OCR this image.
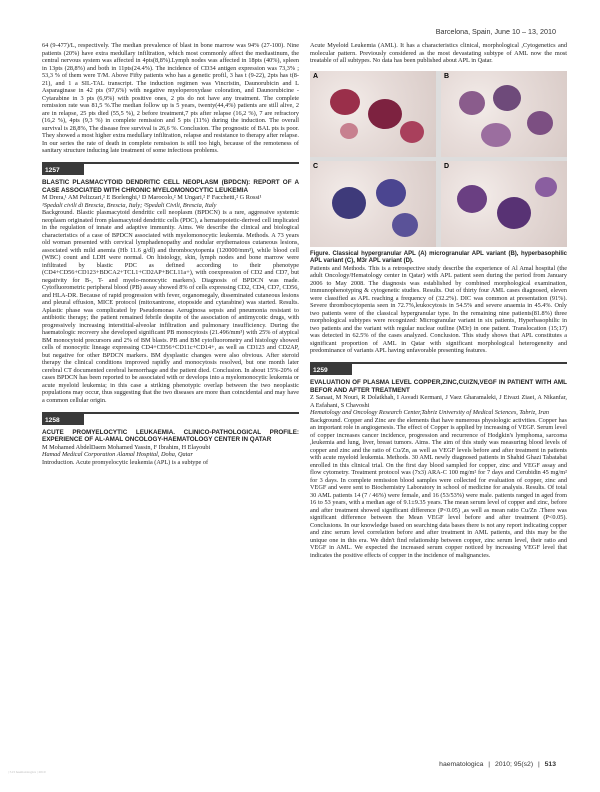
Barcelona, Spain, June 10 – 13, 2010

64 (9-477)/L, respectively. The median prevalence of blast in bone marrow was 94% (27-100). Nine patients (20%) have extra medullary infiltration, which most commonly affect the mediastinum, the central nervous system was affected in 4pts(8,8%).Lymph nodes was affected in 18pts (40%), spleen in 13pts (28,8%) and both in 11pts(24.4%). The incidence of CD34 antigen expression was 73,3% ; 53,3 % of them were T/M. Above Fifty patients who has a genetic profil, 3 has t (9-22), 2pts has t(8-21), and 1 a SIL-TAL transcript. The induction regimen was Vincristin, Daunorubicin and L Asparaginase in 42 pts (97,6%) with negative myeloperoxydase coloration, and Daunorubicine - Cytarabine in 3 pts (6,9%) with positive ones, 2 pts do not have any treatment. The complete remission rate was 81,5 %.The median follow up is 5 years, twenty(44,4%) patients are still alive, 2 are in relapse, 25 pts died (55,5 %), 2 before treatment,7 pts after relapse (16,2 %), 7 are refractory (16,2 %), 4pts (9,3 %) in complete remission and 5 pts (11%) during the induction. The overall survival is 28,8%, The disease free survival is 26,6 %. Conclusion. The prognostic of BAL pts is poor. They showed a most higher extra medullary infiltration, relapse and resistance to therapy after relapse. In our series the rate of death in complete remission is still too high, because of the remoteness of sanitary structure inducing late treatment of some infectious problems.

1257

BLASTIC PLASMACYTOID DENDRITIC CELL NEOPLASM (BPDCN): REPORT OF A CASE ASSOCIATED WITH CHRONIC MYELOMONOCYTIC LEUKEMIA

M Drera,¹ AM Pelizzari,² E Borlenghi,¹ D Marocolo,² M Ungari,² F Facchetti,² G Rossi¹

¹Spedali civili di Brescia, Brescia, Italy; ²Spedali Civili, Brescia, Italy

Background. Blastic plasmacytoid dendritic cell neoplasm (BPDCN) is a rare, aggressive systemic neoplasm originated from plasmacytoid dendritic cells (PDC), a hematopoietic-derived cell implicated in the regulation of innate and adaptive immunity. Aims. We describe the clinical and biological characteristics of a case of BPDCN associated with myelomonocytic leukemia. Methods. A 73 years old woman presented with cervical lymphadenopathy and nodular erythematous cutaneous lesions, associated with mild anemia (Hb 11.6 g/dl) and thrombocytopenia (120000/mm³), while blood cell (WBC) count and LDH were normal. On histology, skin, lymph nodes and bone marrow were infiltrated by blastic PDC as defined according to their phenotype (CD4+CD56+CD123+BDCA2+TCL1+CD2AP+BCL11a+), with coexpression of CD2 and CD7, but negativity for B-, T- and myelo-monocytic markers). Diagnosis of BPDCN was made. Cytofluorometric peripheral blood (PB) assay showed 8% of cells expressing CD2, CD4, CD7, CD56, and HLA-DR. Because of rapid progression with fever, organomegaly, disseminated cutaneous lesions and pleural effusion, MICE protocol (mitoxantrone, etoposide and cytarabine) was started. Results. Aplastic phase was complicated by Pseudomonas Aeruginosa sepsis and pneumonia resistant to antibiotic therapy; the patient remained febrile despite of the association of antimycotic drugs, with progressively increasing interstitial-alveolar infiltration and pulmonary insufficiency. During the haematologic recovery she developed significant PB monocytosis (21.496/mm³) with 25% of atypical BM monocytoid precursors and 2% of BM blasts. PB and BM cytofluorometry and histology showed cells of monocytic lineage expressing CD4+CD56+CD11c+CD14+, as well as CD123 and CD2AP, but negative for other BPDCN markers. BM dysplastic changes were also obvious. After steroid therapy the clinical conditions improved rapidly and monocytosis resolved, but one month later cerebral CT documented cerebral hemorrhage and the patient died. Conclusion. In about 15%-20% of cases BPDCN has been reported to be associated with or develops into a myelomonocytic leukemia or acute myeloid leukemia; in this case a striking phenotypic overlap between the two neoplastic populations may occur, thus suggesting that the two diseases are more than coincidental and may have a common cellular origin.

1258

ACUTE PROMYELOCYTIC LEUKAEMIA. CLINICO-PATHOLOGICAL PROFILE: EXPERIENCE OF AL-AMAL ONCOLOGY-HAEMATOLOGY CENTER IN QATAR

M Mohamed AbdelDaem Mohamed Yassin, F Ibrahim, H Elayoubi

Hamad Medical Corporation Alamal Hospital, Doha, Qatar

Introduction. Acute promyelocytic leukemia (APL) is a subtype of

Acute Myeloid Leukemia (AML). It has a characteristics clinical, morphological ,Cytogenetics and molecular pattern. Previously considered as the most devastating subtype of AML now the most treatable of all subtypes. No data has been published about APL in Qatar.

A	B
C	D

Figure. Classical hypergranular APL (A) microgranular APL variant (B), hyperbasophilic APL variant (C), M3r APL variant (D).

Patients and Methods. This is a retrospective study describe the experience of Al Amal hospital (the adult Oncology/Hematology center in Qatar) with APL patient seen during the period from January 2006 to May 2008. The diagnosis was established by combined morphological examination, immunophenotyping & cytogenetic studies. Results. Out of thirty four AML cases diagnosed, eleven were classified as APL reaching a frequency of (32.2%). DIC was common at presentation (91%). Severe thrombocytopenia seen in 72.7%,leukocytosis in 54.5% and severe anaemia in 45.4%. Only two patients were of the classical hypergranular type. In the remaining nine patients(81.8%) three morphological subtypes were recognized: Microgranular variant in six patients, Hyperbasophilic in two patients and the variant with regular nuclear outline (M3r) in one patient. Translocation (15;17) was detected in 62.5% of the cases analyzed. Conclusion. This study shows that APL constitutes a significant proportion of AML in Qatar with significant morphological heterogeneity and predominance of variants APL having unfavorable presenting features.

1259

EVALUATION OF PLASMA LEVEL COPPER,ZINC,CU/ZN,VEGF IN PATIENT WITH AML BEFOR AND AFTER TREATMENT

Z Sanaat, M Nouri, R Dolatkhah, I Asvadi Kermani, J Vaez Gharamaleki, J Eivazi Ziaei, A Nikanfar, A Esfahani, S Chavoshi

Hematology and Oncology Research Center,Tabriz University of Medical Sciences, Tabriz, Iran

Background. Copper and Zinc are the elements that have numerous physiologic activities. Copper has an important role in angiogenesis. The effect of Copper is applied by increasing of VEGF. Serum level of copper increases cancer incidence, progression and recurrence of Hodgkin's lymphoma, sarcoma ,leukemia and lung, liver, breast tumors. Aims. The aim of this study was measuring blood levels of copper and zinc and the ratio of Cu/Zn, as well as VEGF levels before and after treatment in patients with acute myeloid leukemia. Methods. 30 AML newly diagnosed patients in Shahid Ghazi Tabatabai enrolled in this clinical trial. On the first day blood sampled for copper, zinc and VEGF assay and flow cytometry. Treatment protocol was (7x3) ARA-C 100 mg/m² for 7 days and Cerubidin 45 mg/m² for 3 days. In complete remission blood samples were collected for evaluation of copper, zinc and VEGF and were sent to Biochemistry Laboratory in school of medicine for analysis. Results. Of total 30 AML patients 14 (7 / 46%) were female, and 16 (53/53%) were male. patients ranged in aged from 16 to 53 years, with a median age of 9.1±9.35 years. The mean serum level of copper and zinc, before and after treatment showed significant difference (P<0.05) ,as well as mean ratio Cu/Zn .There was significant difference between the Mean VEGF level before and after treatment (P<0.05). Conclusions. In our knowledge based on searching data bases there is not any report indicating copper and zinc serum level correlation before and after treatment in AML patients, and this may be the unique one in this era. We didn't find relationship between copper, zinc serum level, their ratio and VEGF in AML. We expected the increased serum copper noticed by increasing VEGF level that indicates the positive effects of copper in the incidence of malignancies.

haematologica | 2010; 95(s2) | 513
| 513 haematologica | 2010
